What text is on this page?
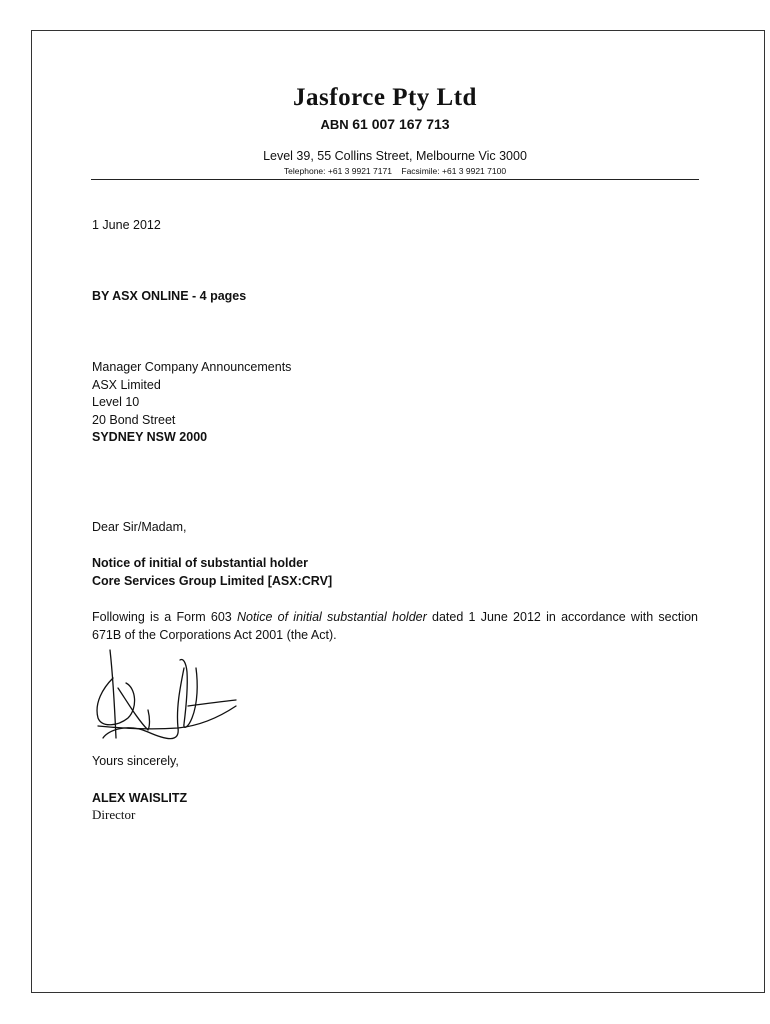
Jasforce Pty Ltd
ABN 61 007 167 713
Level 39, 55 Collins Street, Melbourne Vic 3000
Telephone: +61 3 9921 7171 Facsimile: +61 3 9921 7100
1 June 2012
BY ASX ONLINE - 4 pages
Manager Company Announcements
ASX Limited
Level 10
20 Bond Street
SYDNEY NSW 2000
Dear Sir/Madam,
Notice of initial of substantial holder
Core Services Group Limited [ASX:CRV]
Following is a Form 603 Notice of initial substantial holder dated 1 June 2012 in accordance with section 671B of the Corporations Act 2001 (the Act).
Yours sincerely,
ALEX WAISLITZ
Director
